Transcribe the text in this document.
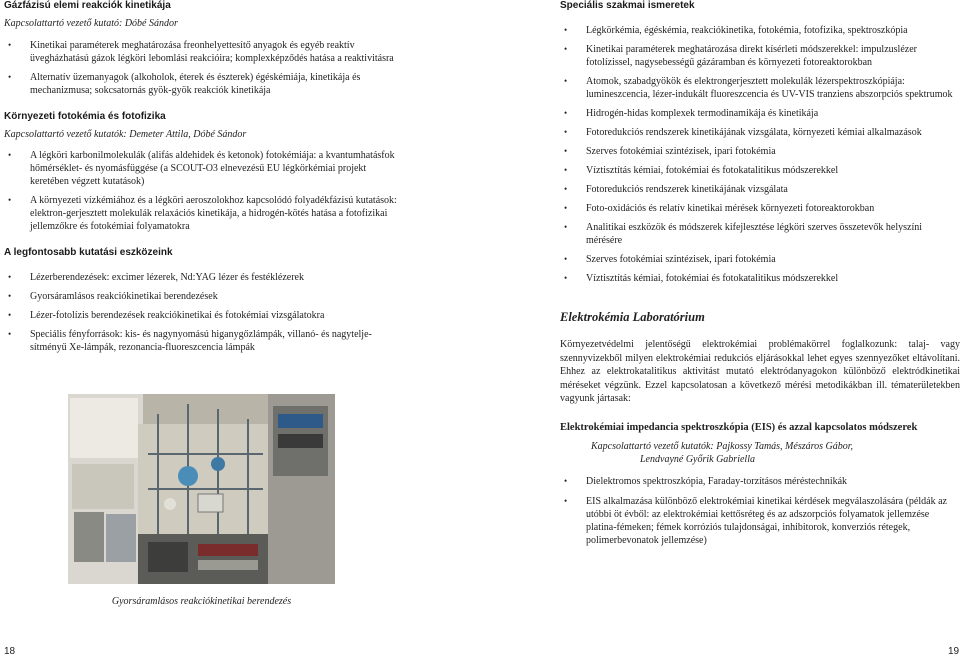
Gázfázisú elemi reakciók kinetikája

Kapcsolattartó vezető kutató: Dóbé Sándor

• Kinetikai paraméterek meghatározása freonhelyettesítő anyagok és egyéb reaktív üvegházhatású gázok légköri lebomlási reakcióira; komplexképződés hatása a reaktivitásra
• Alternatív üzemanyagok (alkoholok, éterek és észterek) égéskémiája, kinetikája és mechanizmusa; sokcsatornás gyök-gyök reakciók kinetikája
Környezeti fotokémia és fotofizika

Kapcsolattartó vezető kutatók: Demeter Attila, Dóbé Sándor

• A légköri karbonilmolekulák (alifás aldehidek és ketonok) fotokémiája: a kvantumhatásfok hőmérséklet- és nyomásfüggése (a SCOUT-O3 elnevezésű EU légkörkémiai projekt keretében végzett kutatások)
• A környezeti vízkémiához és a légköri aeroszolokhoz kapcsolódó folyadékfázisú kutatások: elektron-gerjesztett molekulák relaxációs kinetikája, a hidrogén-kötés hatása a fotofizikai jellemzőkre és fotokémiai folyamatokra
A legfontosabb kutatási eszközeink
• Lézerberendezések: excimer lézerek, Nd:YAG lézer és festéklézerek
• Gyorsáramlásos reakciókinetikai berendezések
• Lézer-fotolízis berendezések reakciókinetikai és fotokémiai vizsgálatokra
• Speciális fényforrások: kis- és nagynyomású higanygőzlámpák, villanó- és nagyteljesítményű Xe-lámpák, rezonancia-fluoreszcencia lámpák
Gyorsáramlásos reakciókinetikai berendezés
18
Speciális szakmai ismeretek
• Légkörkémia, égéskémia, reakciókinetika, fotokémia, fotofizika, spektroszkópia
• Kinetikai paraméterek meghatározása direkt kísérleti módszerekkel: impulzuslézer fotolízissel, nagysebességű gázáramban és környezeti fotoreaktorokban
• Atomok, szabadgyökök és elektrongerjesztett molekulák lézerspektroszkópiája: lumineszcencia, lézer-indukált fluoreszcencia és UV-VIS tranziens abszorpciós spektrumok
• Hidrogén-hidas komplexek termodinamikája és kinetikája
• Fotoredukciós rendszerek kinetikájának vizsgálata, környezeti kémiai alkalmazások
• Szerves fotokémiai szintézisek, ipari fotokémia
• Víztisztítás kémiai, fotokémiai és fotokatalitikus módszerekkel
• Fotoredukciós rendszerek kinetikájának vizsgálata
• Foto-oxidációs és relatív kinetikai mérések környezeti fotoreaktorokban
• Analitikai eszközök és módszerek kifejlesztése légköri szerves összetevők helyszíni mérésére
• Szerves fotokémiai szintézisek, ipari fotokémia
• Víztisztítás kémiai, fotokémiai és fotokatalitikus módszerekkel
Elektrokémia Laboratórium

Környezetvédelmi jelentőségű elektrokémiai problémakörrel foglalkozunk: talaj- vagy szennyvizekből milyen elektrokémiai redukciós eljárásokkal lehet egyes szennyezőket eltávolítani. Ehhez az elektrokatalitikus aktivitást mutató elektródanyagokon különböző elektródkinetikai méréseket végzünk. Ezzel kapcsolatosan a következő mérési metodikákban ill. tématerületekben vagyunk jártasak:

Elektrokémiai impedancia spektroszkópia (EIS) és azzal kapcsolatos módszerek

Kapcsolattartó vezető kutatók: Pajkossy Tamás, Mészáros Gábor,

Lendvayné Győrik Gabriella

• Dielektromos spektroszkópia, Faraday-torzításos méréstechnikák
• EIS alkalmazása különböző elektrokémiai kinetikai kérdések megválaszolására (példák az utóbbi öt évből: az elektrokémiai kettősréteg és az adszorpciós folyamatok jellemzése platina-fémeken; fémek korróziós tulajdonságai, inhibitorok, konverziós rétegek, polimerbevonatok jellemzése)
19
